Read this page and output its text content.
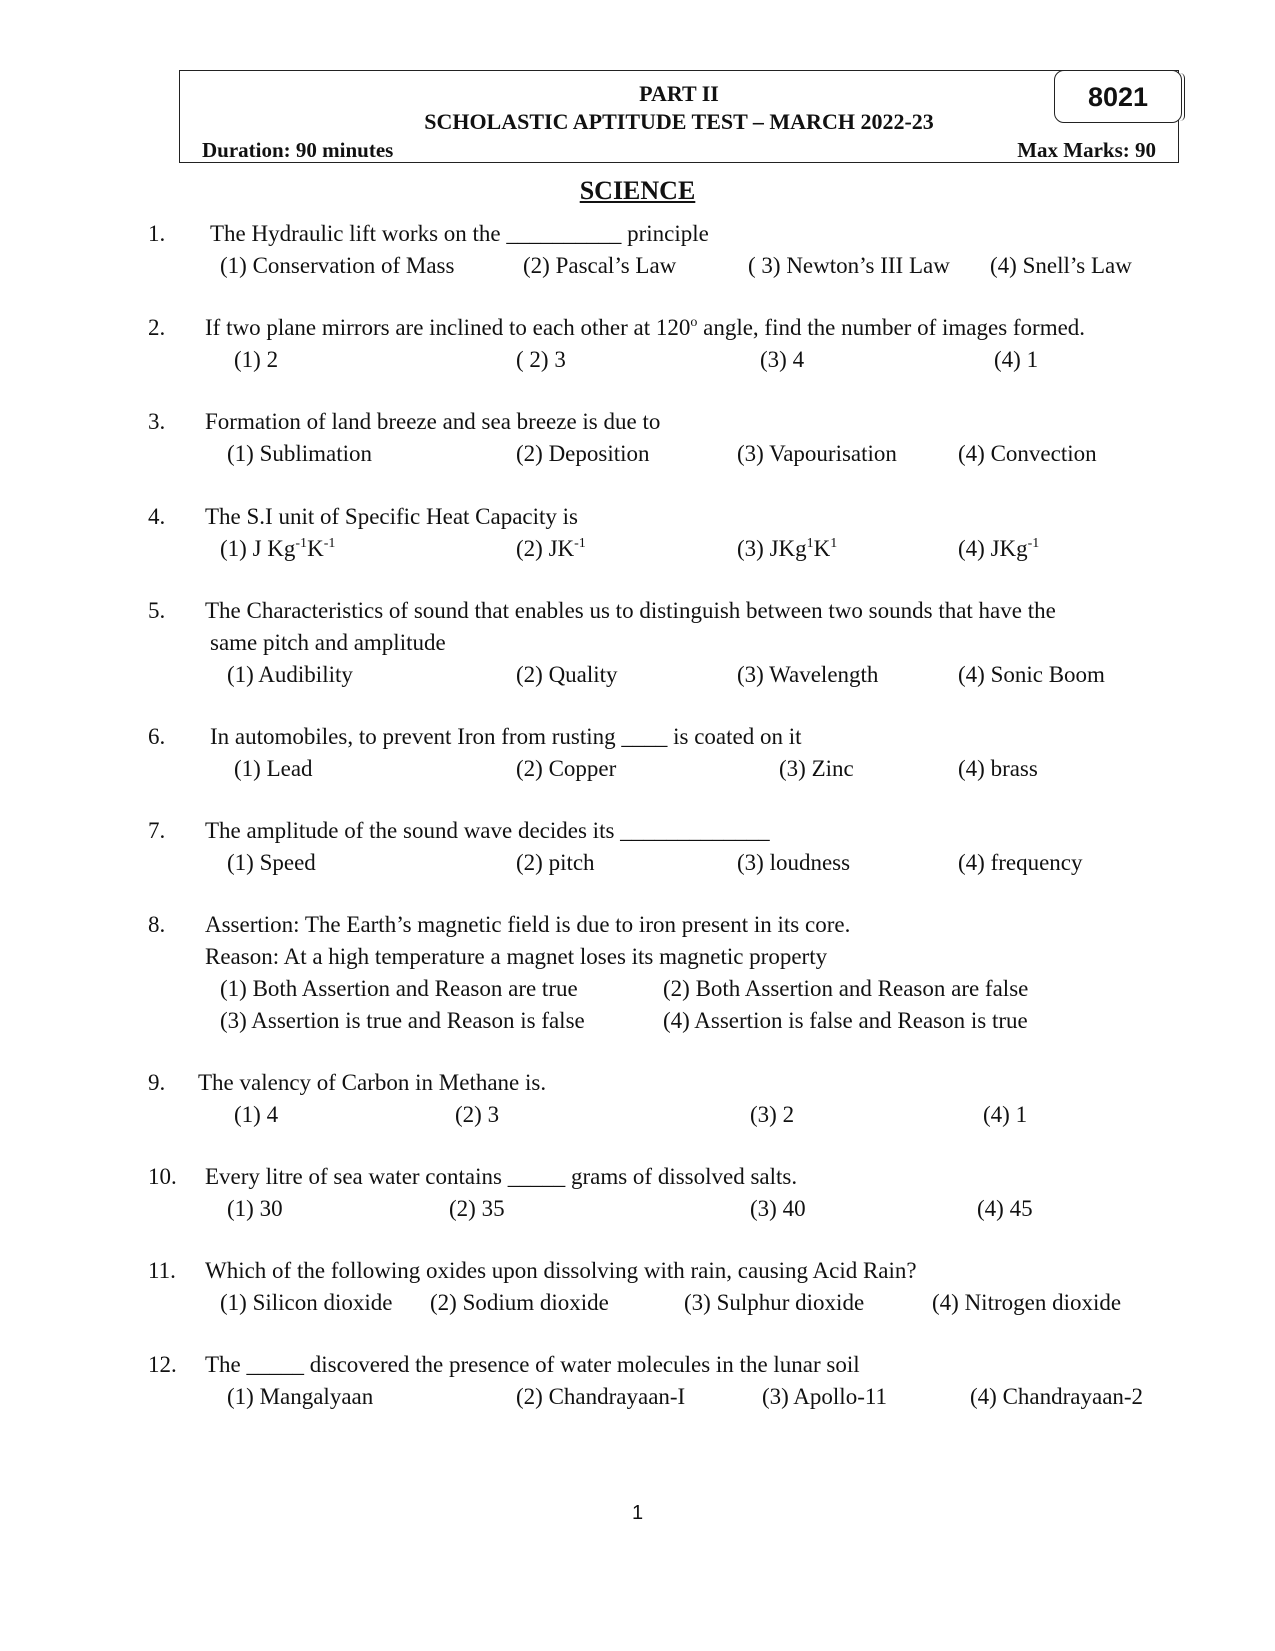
PART II
SCHOLASTIC APTITUDE TEST – MARCH 2022-23
Duration: 90 minutes	Max Marks: 90
8021
SCIENCE
1. The Hydraulic lift works on the __________ principle
(1) Conservation of Mass	(2) Pascal’s Law	( 3) Newton’s III Law (4) Snell’s Law
2. If two plane mirrors are inclined to each other at 120$^o$ angle, find the number of images formed.
(1) 2	( 2) 3	(3) 4	(4) 1
3. Formation of land breeze and sea breeze is due to
(1) Sublimation	(2) Deposition	(3) Vapourisation	(4) Convection
4. The S.I unit of Specific Heat Capacity is
(1) J $Kg^{-1}K^{-1}$	(2) $JK^{-1}$	(3) $JKg^1K^1$	(4) JKg$^{-1}$
5. The Characteristics of sound that enables us to distinguish between two sounds that have the
same pitch and amplitude
(1) Audibility	(2) Quality	(3) Wavelength	(4) Sonic Boom
6. In automobiles, to prevent Iron from rusting ____ is coated on it
(1) Lead	(2) Copper	(3) Zinc	(4) brass
7. The amplitude of the sound wave decides its _____________
(1) Speed	(2) pitch	(3) loudness	(4) frequency
8. Assertion: The Earth’s magnetic field is due to iron present in its core.
Reason: At a high temperature a magnet loses its magnetic property
(1) Both Assertion and Reason are true	(2) Both Assertion and Reason are false
(3) Assertion is true and Reason is false	(4) Assertion is false and Reason is true
9. The valency of Carbon in Methane is.
(1) 4	(2) 3	(3) 2	(4) 1
10. Every litre of sea water contains _____ grams of dissolved salts.
(1) 30	(2) 35	(3) 40	(4) 45
11. Which of the following oxides upon dissolving with rain, causing Acid Rain?
(1) Silicon dioxide (2) Sodium dioxide	(3) Sulphur dioxide	(4) Nitrogen dioxide
12. The _____ discovered the presence of water molecules in the lunar soil
(1) Mangalyaan	(2) Chandrayaan-I	(3) Apollo-11	(4) Chandrayaan-2
1
